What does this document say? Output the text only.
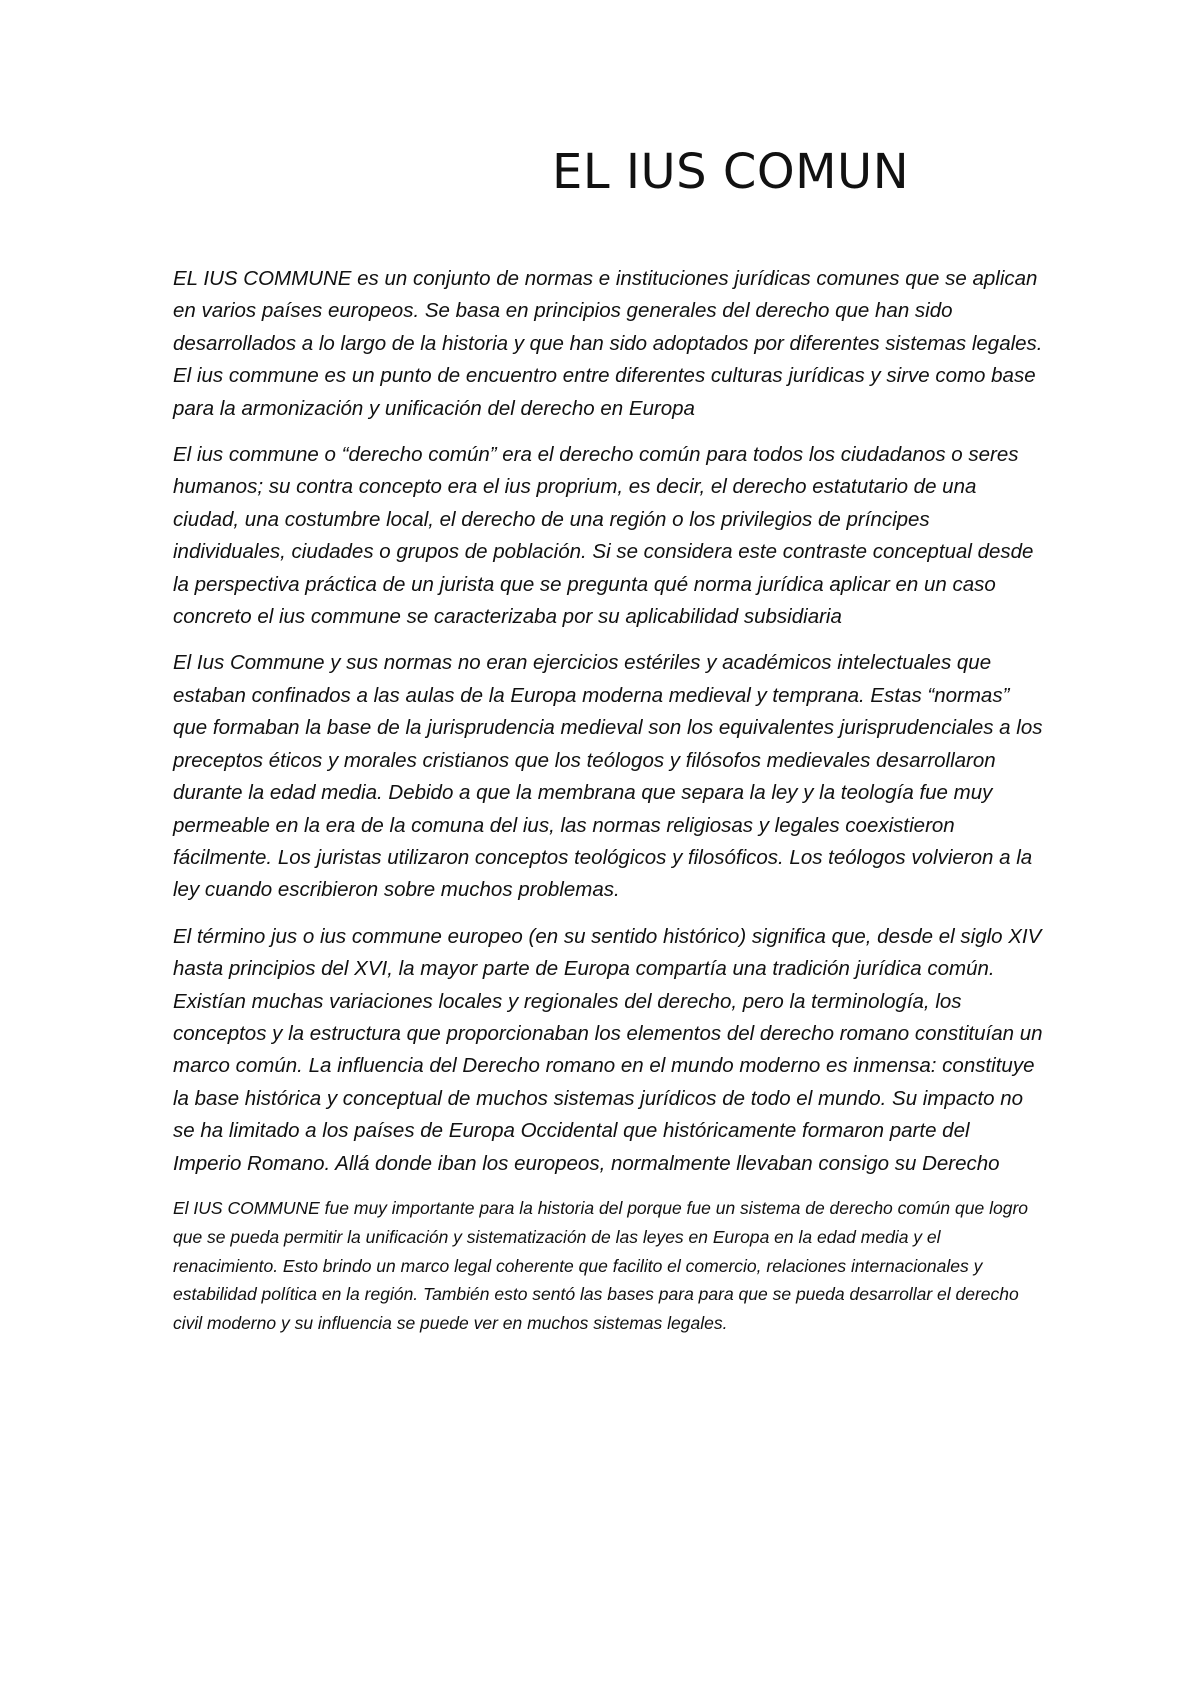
EL IUS COMUN

EL IUS COMMUNE es un conjunto de normas e instituciones jurídicas comunes que se aplican en varios países europeos. Se basa en principios generales del derecho que han sido desarrollados a lo largo de la historia y que han sido adoptados por diferentes sistemas legales. El ius commune es un punto de encuentro entre diferentes culturas jurídicas y sirve como base para la armonización y unificación del derecho en Europa

El ius commune o “derecho común” era el derecho común para todos los ciudadanos o seres humanos; su contra concepto era el ius proprium, es decir, el derecho estatutario de una ciudad, una costumbre local, el derecho de una región o los privilegios de príncipes individuales, ciudades o grupos de población. Si se considera este contraste conceptual desde la perspectiva práctica de un jurista que se pregunta qué norma jurídica aplicar en un caso concreto el ius commune se caracterizaba por su aplicabilidad subsidiaria

El Ius Commune y sus normas no eran ejercicios estériles y académicos intelectuales que estaban confinados a las aulas de la Europa moderna medieval y temprana. Estas “normas” que formaban la base de la jurisprudencia medieval son los equivalentes jurisprudenciales a los preceptos éticos y morales cristianos que los teólogos y filósofos medievales desarrollaron durante la edad media. Debido a que la membrana que separa la ley y la teología fue muy permeable en la era de la comuna del ius, las normas religiosas y legales coexistieron fácilmente. Los juristas utilizaron conceptos teológicos y filosóficos. Los teólogos volvieron a la ley cuando escribieron sobre muchos problemas.

El término jus o ius commune europeo (en su sentido histórico) significa que, desde el siglo XIV hasta principios del XVI, la mayor parte de Europa compartía una tradición jurídica común. Existían muchas variaciones locales y regionales del derecho, pero la terminología, los conceptos y la estructura que proporcionaban los elementos del derecho romano constituían un marco común. La influencia del Derecho romano en el mundo moderno es inmensa: constituye la base histórica y conceptual de muchos sistemas jurídicos de todo el mundo. Su impacto no se ha limitado a los países de Europa Occidental que históricamente formaron parte del Imperio Romano. Allá donde iban los europeos, normalmente llevaban consigo su Derecho

El IUS COMMUNE fue muy importante para la historia del porque fue un sistema de derecho común que logro que se pueda permitir la unificación y sistematización de las leyes en Europa en la edad media y el renacimiento. Esto brindo un marco legal coherente que facilito el comercio, relaciones internacionales y estabilidad política en la región. También esto sentó las bases para para que se pueda desarrollar el derecho civil moderno y su influencia se puede ver en muchos sistemas legales.
